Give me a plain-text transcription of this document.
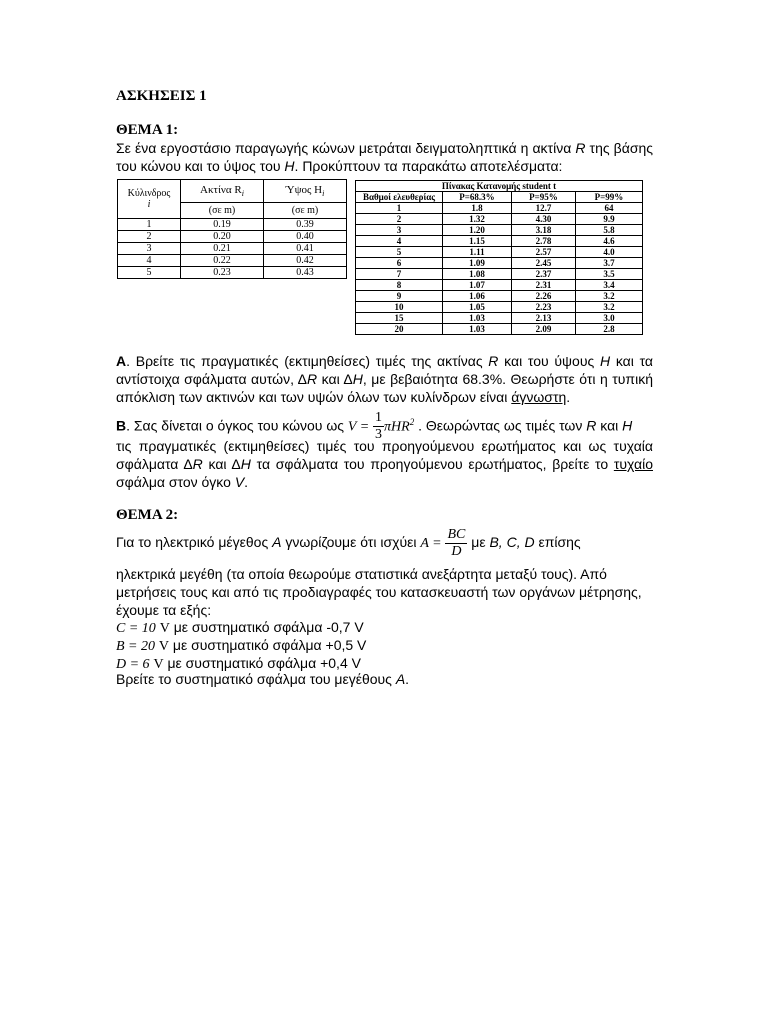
ΑΣΚΗΣΕΙΣ 1
ΘΕΜΑ 1:

Σε ένα εργοστάσιο παραγωγής κώνων μετράται δειγματοληπτικά η ακτίνα R της βάσης του κώνου και το ύψος του Η. Προκύπτουν τα παρακάτω αποτελέσματα:

Κύλινδρος
i	Ακτίνα $R_i$	Ύψος $H_i$
	(σε m)	(σε m)
1	0.19	0.39
2	0.20	0.40
3	0.21	0.41
4	0.22	0.42
5	0.23	0.43
Πίνακας Κατανομής student t			
Βαθμοί ελευθερίας	P=68.3%	P=95%	P=99%
1	1.8	12.7	64
2	1.32	4.30	9.9
3	1.20	3.18	5.8
4	1.15	2.78	4.6
5	1.11	2.57	4.0
6	1.09	2.45	3.7
7	1.08	2.37	3.5
8	1.07	2.31	3.4
9	1.06	2.26	3.2
10	1.05	2.23	3.2
15	1.03	2.13	3.0
20	1.03	2.09	2.8

Α. Βρείτε τις πραγματικές (εκτιμηθείσες) τιμές της ακτίνας R και του ύψους H και τα αντίστοιχα σφάλματα αυτών, ΔR και ΔH, με βεβαιότητα 68.3%. Θεωρήστε ότι η τυπική απόκλιση των ακτινών και των υψών όλων των κυλίνδρων είναι άγνωστη.

Β. Σας δίνεται ο όγκος του κώνου ως $V = \frac{1}{3} \pi HR^2$ . Θεωρώντας ως τιμές των R και H

τις πραγματικές (εκτιμηθείσες) τιμές του προηγούμενου ερωτήματος και ως τυχαία σφάλματα ΔR και ΔH τα σφάλματα του προηγούμενου ερωτήματος, βρείτε το τυχαίο σφάλμα στον όγκο V.

ΘΕΜΑ 2:

Για το ηλεκτρικό μέγεθος A γνωρίζουμε ότι ισχύει $A = \frac{BC}{D}$ με B, C, D επίσης

ηλεκτρικά μεγέθη (τα οποία θεωρούμε στατιστικά ανεξάρτητα μεταξύ τους). Από μετρήσεις τους και από τις προδιαγραφές του κατασκευαστή των οργάνων μέτρησης, έχουμε τα εξής:

C = 10 V με συστηματικό σφάλμα -0,7 V
B = 20 V με συστηματικό σφάλμα +0,5 V
D = 6 V με συστηματικό σφάλμα +0,4 V

Βρείτε το συστηματικό σφάλμα του μεγέθους A.
